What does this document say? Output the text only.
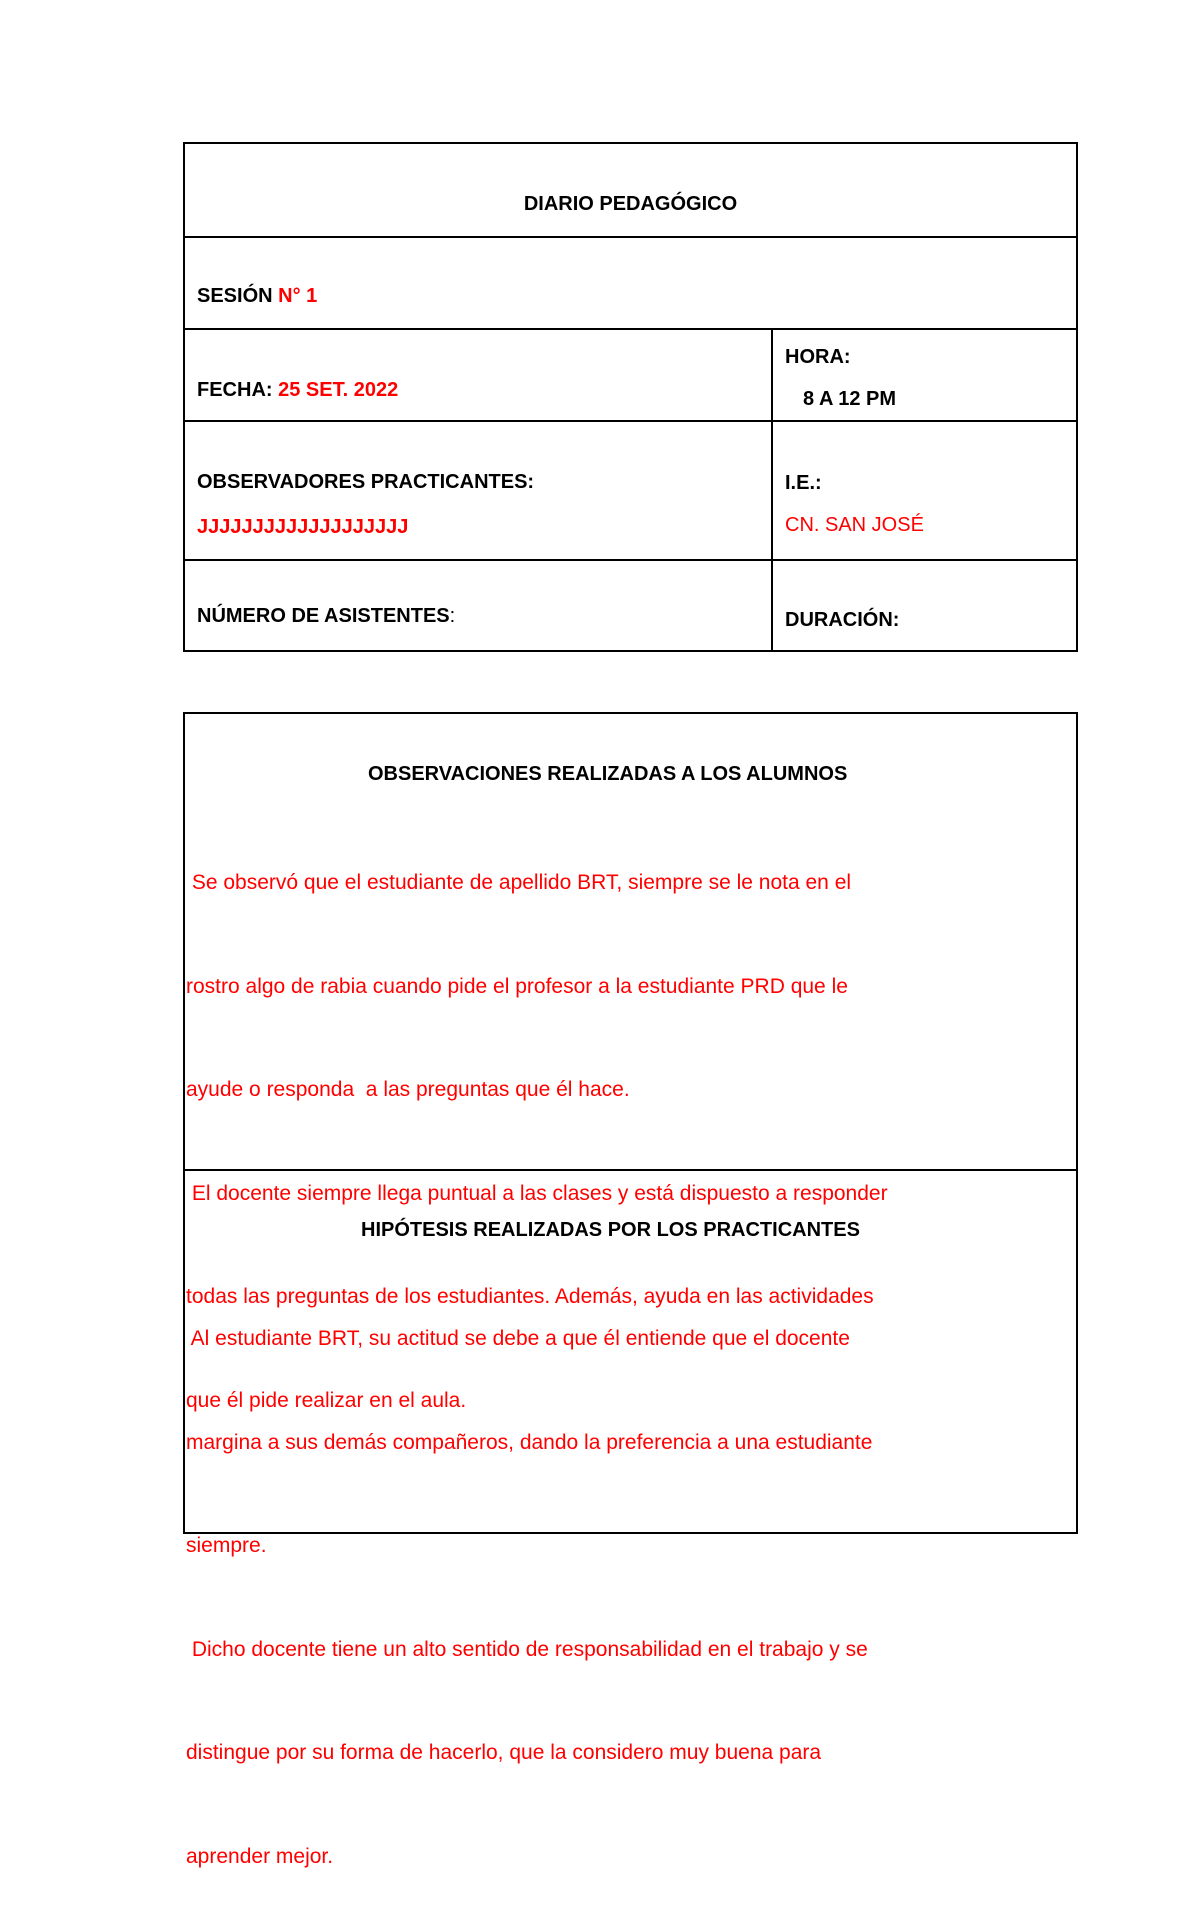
DIARIO PEDAGÓGICO
SESIÓN N° 1
FECHA: 25 SET. 2022
HORA:
8 A 12 PM
OBSERVADORES PRACTICANTES:
JJJJJJJJJJJJJJJJJJJ
I.E.:
CN. SAN JOSÉ
NÚMERO DE ASISTENTES:	DURACIÓN:
OBSERVACIONES REALIZADAS A LOS ALUMNOS

Se observó que el estudiante de apellido BRT, siempre se le nota en el

rostro algo de rabia cuando pide el profesor a la estudiante PRD que le

ayude o responda  a las preguntas que él hace.

El docente siempre llega puntual a las clases y está dispuesto a responder

todas las preguntas de los estudiantes. Además, ayuda en las actividades

que él pide realizar en el aula.

HIPÓTESIS REALIZADAS POR LOS PRACTICANTES

Al estudiante BRT, su actitud se debe a que él entiende que el docente

margina a sus demás compañeros, dando la preferencia a una estudiante

siempre.

Dicho docente tiene un alto sentido de responsabilidad en el trabajo y se

distingue por su forma de hacerlo, que la considero muy buena para

aprender mejor.
